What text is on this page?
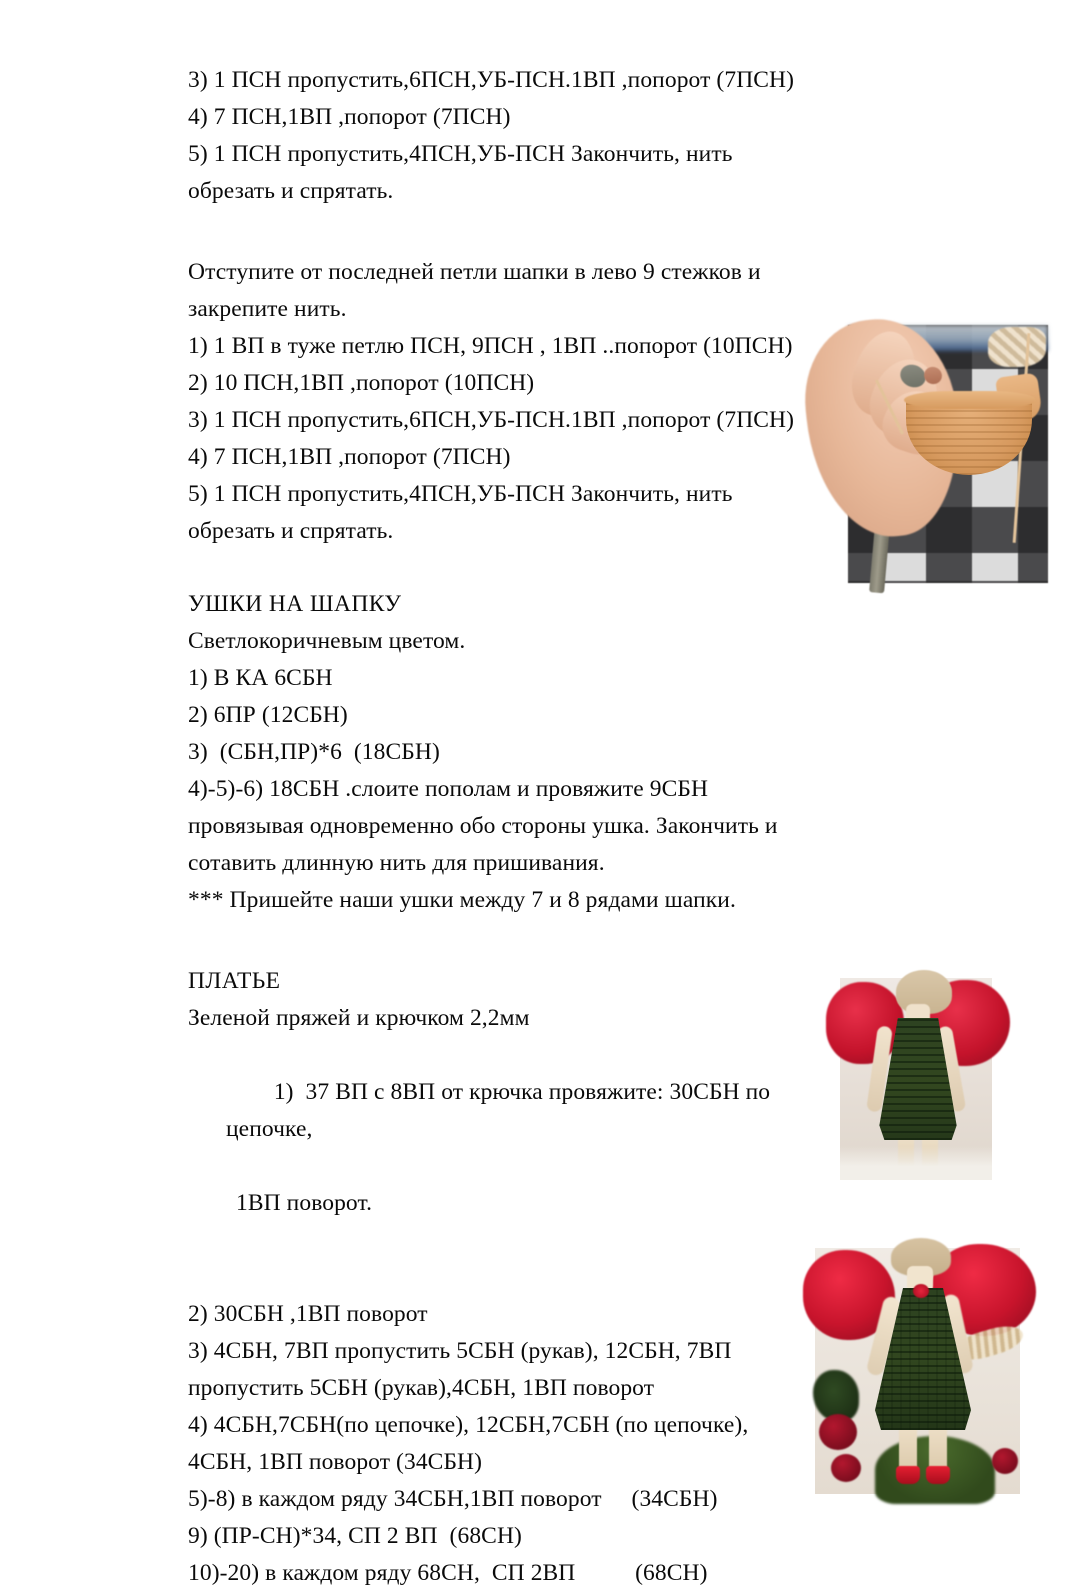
3) 1 ПСН пропустить,6ПСН,УБ-ПСН.1ВП ,попорот (7ПСН)
4) 7 ПСН,1ВП ,попорот (7ПСН)
5) 1 ПСН пропустить,4ПСН,УБ-ПСН Закончить, нить
обрезать и спрятать.
Отступите от последней петли шапки в лево 9 стежков и
закрепите нить.
1) 1 ВП в туже петлю ПСН, 9ПСН , 1ВП ..попорот (10ПСН)
2) 10 ПСН,1ВП ,попорот (10ПСН)
3) 1 ПСН пропустить,6ПСН,УБ-ПСН.1ВП ,попорот (7ПСН)
4) 7 ПСН,1ВП ,попорот (7ПСН)
5) 1 ПСН пропустить,4ПСН,УБ-ПСН Закончить, нить
обрезать и спрятать.
УШКИ НА ШАПКУ
Светлокоричневым цветом.
1) В КА 6СБН
2) 6ПР (12СБН)
3)  (СБН,ПР)*6  (18СБН)
4)-5)-6) 18СБН .слоите пополам и провяжите 9СБН
провязывая одновременно обо стороны ушка. Закончить и
сотавить длинную нить для пришивания.
*** Пришейте наши ушки между 7 и 8 рядами шапки.
ПЛАТЬЕ
Зеленой пряжей и крючком 2,2мм

1)  37 ВП с 8ВП от крючка провяжите: 30СБН по цепочке,

1ВП поворот.

2) 30СБН ,1ВП поворот
3) 4СБН, 7ВП пропустить 5СБН (рукав), 12СБН, 7ВП
пропустить 5СБН (рукав),4СБН, 1ВП поворот
4) 4СБН,7СБН(по цепочке), 12СБН,7СБН (по цепочке),
4СБН, 1ВП поворот (34СБН)
5)-8) в каждом ряду 34СБН,1ВП поворот     (34СБН)
9) (ПР-СН)*34, СП 2 ВП  (68СН)
10)-20) в каждом ряду 68СН,  СП 2ВП          (68СН)
